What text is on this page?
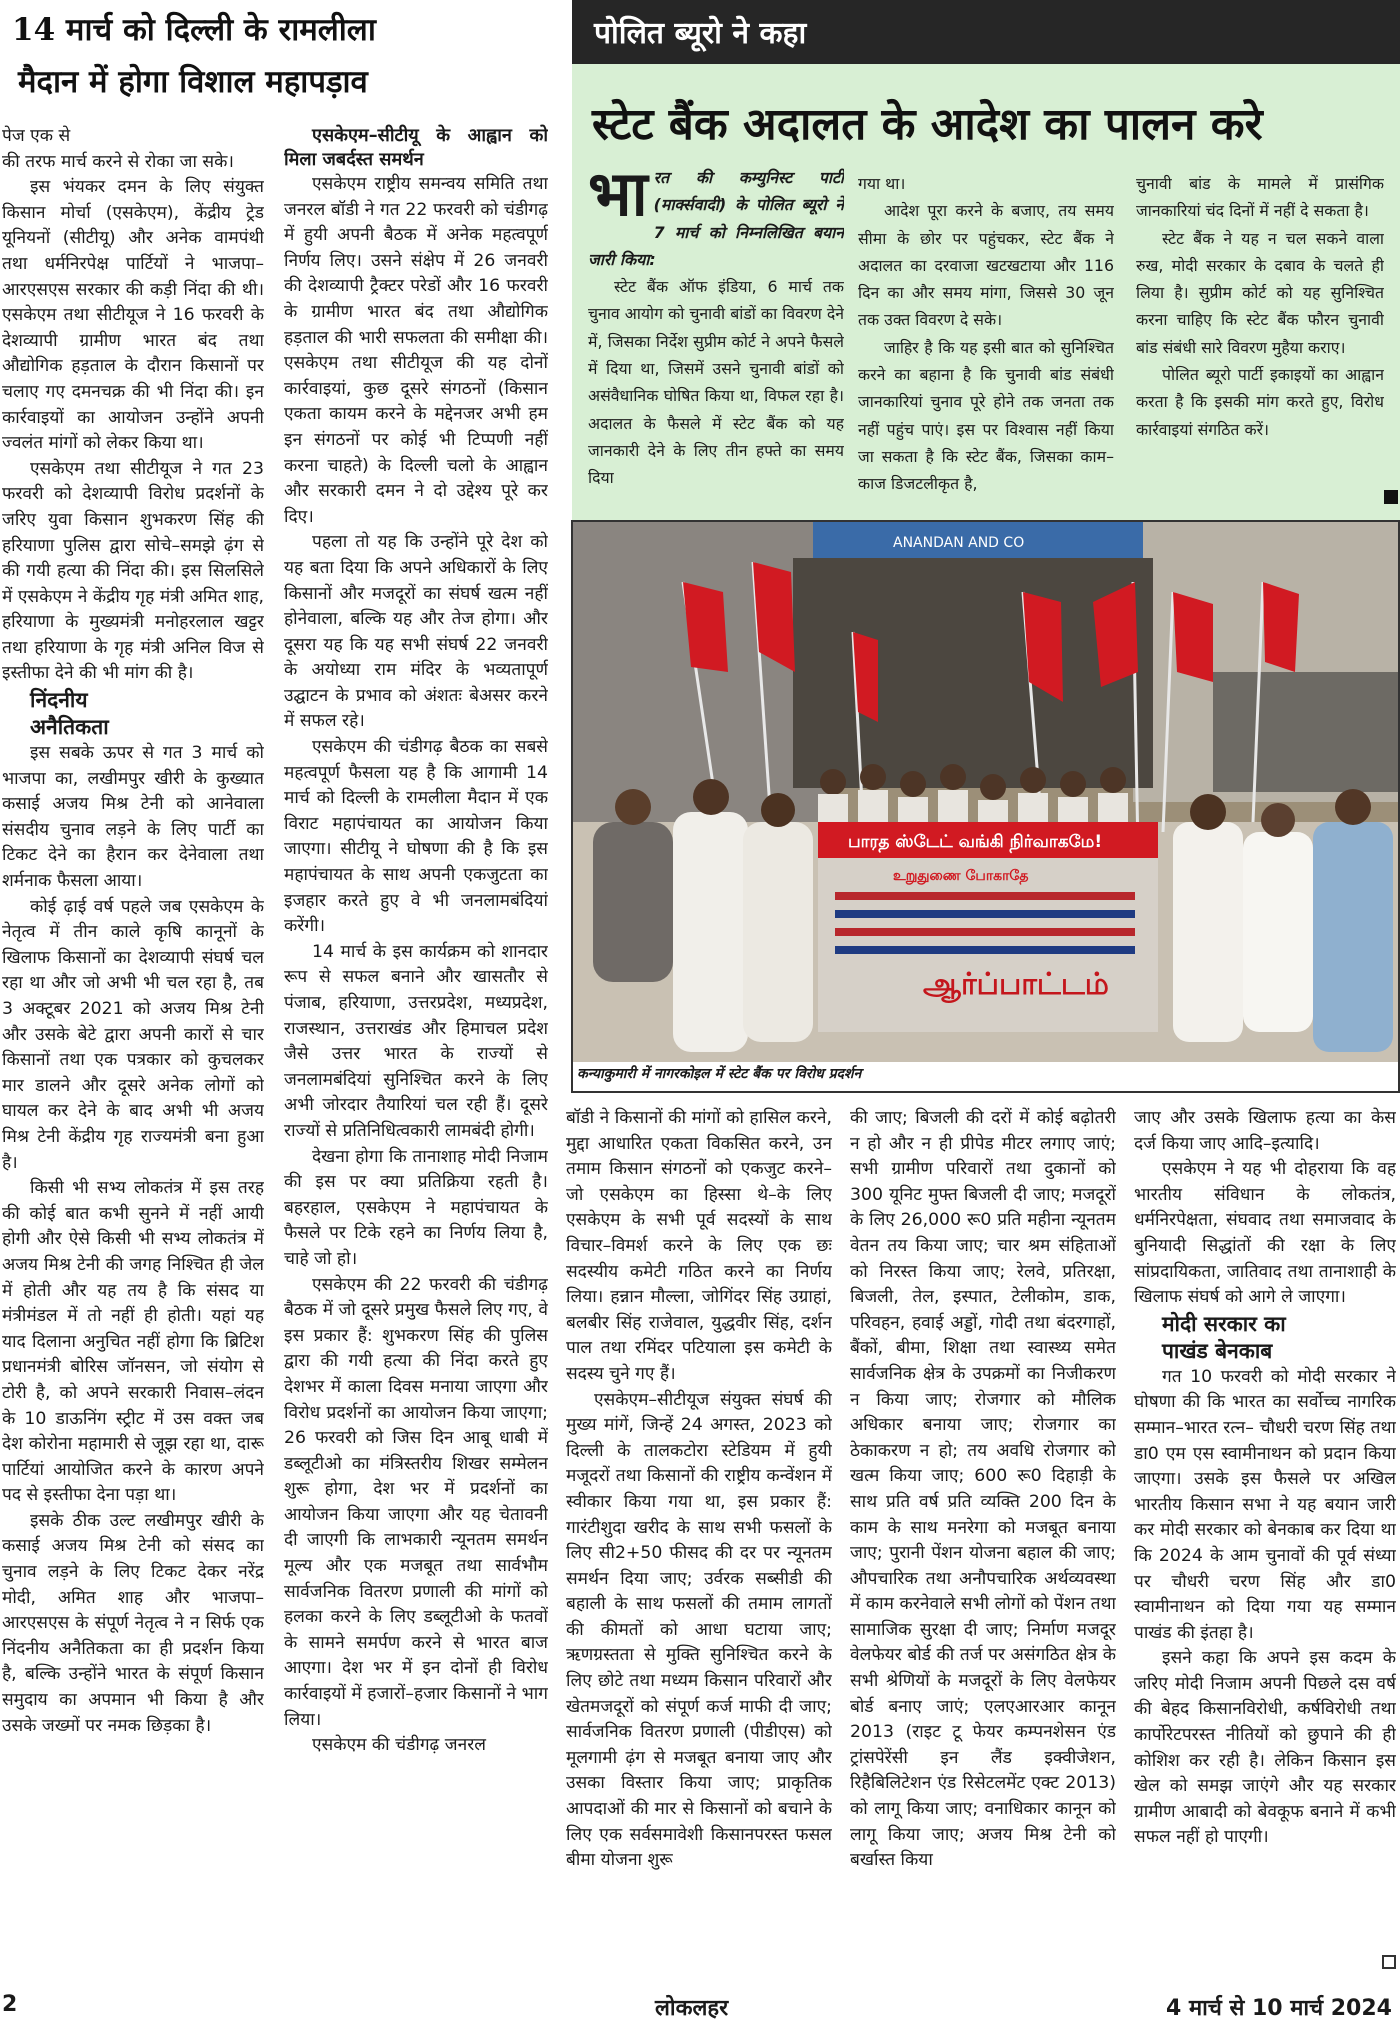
14 मार्च को दिल्ली के रामलीला
मैदान में होगा विशाल महापड़ाव

पेज एक से

की तरफ मार्च करने से रोका जा सके।

इस भंयकर दमन के लिए संयुक्त किसान मोर्चा (एसकेएम), केंद्रीय ट्रेड यूनियनों (सीटीयू) और अनेक वामपंथी तथा धर्मनिरपेक्ष पार्टियों ने भाजपा–आरएसएस सरकार की कड़ी निंदा की थी। एसकेएम तथा सीटीयूज ने 16 फरवरी के देशव्यापी ग्रामीण भारत बंद तथा औद्योगिक हड़ताल के दौरान किसानों पर चलाए गए दमनचक्र की भी निंदा की। इन कार्रवाइयों का आयोजन उन्होंने अपनी ज्वलंत मांगों को लेकर किया था।

एसकेएम तथा सीटीयूज ने गत 23 फरवरी को देशव्यापी विरोध प्रदर्शनों के जरिए युवा किसान शुभकरण सिंह की हरियाणा पुलिस द्वारा सोचे–समझे ढ़ंग से की गयी हत्या की निंदा की। इस सिलसिले में एसकेएम ने केंद्रीय गृह मंत्री अमित शाह, हरियाणा के मुख्यमंत्री मनोहरलाल खट्टर तथा हरियाणा के गृह मंत्री अनिल विज से इस्तीफा देने की भी मांग की है।

निंदनीय

अनैतिकता

इस सबके ऊपर से गत 3 मार्च को भाजपा का, लखीमपुर खीरी के कुख्यात कसाई अजय मिश्र टेनी को आनेवाला संसदीय चुनाव लड़ने के लिए पार्टी का टिकट देने का हैरान कर देनेवाला तथा शर्मनाक फैसला आया।

कोई ढ़ाई वर्ष पहले जब एसकेएम के नेतृत्व में तीन काले कृषि कानूनों के खिलाफ किसानों का देशव्यापी संघर्ष चल रहा था और जो अभी भी चल रहा है, तब 3 अक्टूबर 2021 को अजय मिश्र टेनी और उसके बेटे द्वारा अपनी कारों से चार किसानों तथा एक पत्रकार को कुचलकर मार डालने और दूसरे अनेक लोगों को घायल कर देने के बाद अभी भी अजय मिश्र टेनी केंद्रीय गृह राज्यमंत्री बना हुआ है।

किसी भी सभ्य लोकतंत्र में इस तरह की कोई बात कभी सुनने में नहीं आयी होगी और ऐसे किसी भी सभ्य लोकतंत्र में अजय मिश्र टेनी की जगह निश्चित ही जेल में होती और यह तय है कि संसद या मंत्रीमंडल में तो नहीं ही होती। यहां यह याद दिलाना अनुचित नहीं होगा कि ब्रिटिश प्रधानमंत्री बोरिस जॉनसन, जो संयोग से टोरी है, को अपने सरकारी निवास–लंदन के 10 डाऊनिंग स्ट्रीट में उस वक्त जब देश कोरोना महामारी से जूझ रहा था, दारू पार्टियां आयोजित करने के कारण अपने पद से इस्तीफा देना पड़ा था।

इसके ठीक उल्ट लखीमपुर खीरी के कसाई अजय मिश्र टेनी को संसद का चुनाव लड़ने के लिए टिकट देकर नरेंद्र मोदी, अमित शाह और भाजपा–आरएसएस के संपूर्ण नेतृत्व ने न सिर्फ एक निंदनीय अनैतिकता का ही प्रदर्शन किया है, बल्कि उन्होंने भारत के संपूर्ण किसान समुदाय का अपमान भी किया है और उसके जख्मों पर नमक छिड़का है।

एसकेएम–सीटीयू के आह्वान को मिला जबर्दस्त समर्थन

एसकेएम राष्ट्रीय समन्वय समिति तथा जनरल बॉडी ने गत 22 फरवरी को चंडीगढ़ में हुयी अपनी बैठक में अनेक महत्वपूर्ण निर्णय लिए। उसने संक्षेप में 26 जनवरी की देशव्यापी ट्रैक्टर परेडों और 16 फरवरी के ग्रामीण भारत बंद तथा औद्योगिक हड़ताल की भारी सफलता की समीक्षा की। एसकेएम तथा सीटीयूज की यह दोनों कार्रवाइयां, कुछ दूसरे संगठनों (किसान एकता कायम करने के मद्देनजर अभी हम इन संगठनों पर कोई भी टिप्पणी नहीं करना चाहते) के दिल्ली चलो के आह्वान और सरकारी दमन ने दो उद्देश्य पूरे कर दिए।

पहला तो यह कि उन्होंने पूरे देश को यह बता दिया कि अपने अधिकारों के लिए किसानों और मजदूरों का संघर्ष खत्म नहीं होनेवाला, बल्कि यह और तेज होगा। और दूसरा यह कि यह सभी संघर्ष 22 जनवरी के अयोध्या राम मंदिर के भव्यतापूर्ण उद्घाटन के प्रभाव को अंशतः बेअसर करने में सफल रहे।

एसकेएम की चंडीगढ़ बैठक का सबसे महत्वपूर्ण फैसला यह है कि आगामी 14 मार्च को दिल्ली के रामलीला मैदान में एक विराट महापंचायत का आयोजन किया जाएगा। सीटीयू ने घोषणा की है कि इस महापंचायत के साथ अपनी एकजुटता का इजहार करते हुए वे भी जनलामबंदियां करेंगी।

14 मार्च के इस कार्यक्रम को शानदार रूप से सफल बनाने और खासतौर से पंजाब, हरियाणा, उत्तरप्रदेश, मध्यप्रदेश, राजस्थान, उत्तराखंड और हिमाचल प्रदेश जैसे उत्तर भारत के राज्यों से जनलामबंदियां सुनिश्चित करने के लिए अभी जोरदार तैयारियां चल रही हैं। दूसरे राज्यों से प्रतिनिधित्वकारी लामबंदी होगी।

देखना होगा कि तानाशाह मोदी निजाम की इस पर क्या प्रतिक्रिया रहती है। बहरहाल, एसकेएम ने महापंचायत के फैसले पर टिके रहने का निर्णय लिया है, चाहे जो हो।

एसकेएम की 22 फरवरी की चंडीगढ़ बैठक में जो दूसरे प्रमुख फैसले लिए गए, वे इस प्रकार हैं: शुभकरण सिंह की पुलिस द्वारा की गयी हत्या की निंदा करते हुए देशभर में काला दिवस मनाया जाएगा और विरोध प्रदर्शनों का आयोजन किया जाएगा; 26 फरवरी को जिस दिन आबू धाबी में डब्लूटीओ का मंत्रिस्तरीय शिखर सम्मेलन शुरू होगा, देश भर में प्रदर्शनों का आयोजन किया जाएगा और यह चेतावनी दी जाएगी कि लाभकारी न्यूनतम समर्थन मूल्य और एक मजबूत तथा सार्वभौम सार्वजनिक वितरण प्रणाली की मांगों को हलका करने के लिए डब्लूटीओ के फतवों के सामने समर्पण करने से भारत बाज आएगा। देश भर में इन दोनों ही विरोध कार्रवाइयों में हजारों–हजार किसानों ने भाग लिया।

एसकेएम की चंडीगढ़ जनरल

बॉडी ने किसानों की मांगों को हासिल करने, मुद्दा आधारित एकता विकसित करने, उन तमाम किसान संगठनों को एकजुट करने–जो एसकेएम का हिस्सा थे–के लिए एसकेएम के सभी पूर्व सदस्यों के साथ विचार–विमर्श करने के लिए एक छः सदस्यीय कमेटी गठित करने का निर्णय लिया। हन्नान मौल्ला, जोगिंदर सिंह उग्राहां, बलबीर सिंह राजेवाल, युद्धवीर सिंह, दर्शन पाल तथा रमिंदर पटियाला इस कमेटी के सदस्य चुने गए हैं।

एसकेएम–सीटीयूज संयुक्त संघर्ष की मुख्य मांगें, जिन्हें 24 अगस्त, 2023 को दिल्ली के तालकटोरा स्टेडियम में हुयी मजूदरों तथा किसानों की राष्ट्रीय कन्वेंशन में स्वीकार किया गया था, इस प्रकार हैं: गारंटीशुदा खरीद के साथ सभी फसलों के लिए सी2+50 फीसद की दर पर न्यूनतम समर्थन दिया जाए; उर्वरक सब्सीडी की बहाली के साथ फसलों की तमाम लागतों की कीमतों को आधा घटाया जाए; ऋणग्रस्तता से मुक्ति सुनिश्चित करने के लिए छोटे तथा मध्यम किसान परिवारों और खेतमजदूरों को संपूर्ण कर्ज माफी दी जाए; सार्वजनिक वितरण प्रणाली (पीडीएस) को मूलगामी ढ़ंग से मजबूत बनाया जाए और उसका विस्तार किया जाए; प्राकृतिक आपदाओं की मार से किसानों को बचाने के लिए एक सर्वसमावेशी किसानपरस्त फसल बीमा योजना शुरू

की जाए; बिजली की दरों में कोई बढ़ोतरी न हो और न ही प्रीपेड मीटर लगाए जाएं; सभी ग्रामीण परिवारों तथा दुकानों को 300 यूनिट मुफ्त बिजली दी जाए; मजदूरों के लिए 26,000 रू0 प्रति महीना न्यूनतम वेतन तय किया जाए; चार श्रम संहिताओं को निरस्त किया जाए; रेलवे, प्रतिरक्षा, बिजली, तेल, इस्पात, टेलीकोम, डाक, परिवहन, हवाई अड्डों, गोदी तथा बंदरगाहों, बैंकों, बीमा, शिक्षा तथा स्वास्थ्य समेत सार्वजनिक क्षेत्र के उपक्रमों का निजीकरण न किया जाए; रोजगार को मौलिक अधिकार बनाया जाए; रोजगार का ठेकाकरण न हो; तय अवधि रोजगार को खत्म किया जाए; 600 रू0 दिहाड़ी के साथ प्रति वर्ष प्रति व्यक्ति 200 दिन के काम के साथ मनरेगा को मजबूत बनाया जाए; पुरानी पेंशन योजना बहाल की जाए; औपचारिक तथा अनौपचारिक अर्थव्यवस्था में काम करनेवाले सभी लोगों को पेंशन तथा सामाजिक सुरक्षा दी जाए; निर्माण मजदूर वेलफेयर बोर्ड की तर्ज पर असंगठित क्षेत्र के सभी श्रेणियों के मजदूरों के लिए वेलफेयर बोर्ड बनाए जाएं; एलएआरआर कानून 2013 (राइट टू फेयर कम्पनशेसन एंड ट्रांसपेरेंसी इन लैंड इक्वीजेशन, रिहैबिलिटेशन एंड रिसेटलमेंट एक्ट 2013) को लागू किया जाए; वनाधिकार कानून को लागू किया जाए; अजय मिश्र टेनी को बर्खास्त किया

जाए और उसके खिलाफ हत्या का केस दर्ज किया जाए आदि–इत्यादि।

एसकेएम ने यह भी दोहराया कि वह भारतीय संविधान के लोकतंत्र, धर्मनिरपेक्षता, संघवाद तथा समाजवाद के बुनियादी सिद्धांतों की रक्षा के लिए सांप्रदायिकता, जातिवाद तथा तानाशाही के खिलाफ संघर्ष को आगे ले जाएगा।

मोदी सरकार का

पाखंड बेनकाब

गत 10 फरवरी को मोदी सरकार ने घोषणा की कि भारत का सर्वोच्च नागरिक सम्मान–भारत रत्न– चौधरी चरण सिंह तथा डा0 एम एस स्वामीनाथन को प्रदान किया जाएगा। उसके इस फैसले पर अखिल भारतीय किसान सभा ने यह बयान जारी कर मोदी सरकार को बेनकाब कर दिया था कि 2024 के आम चुनावों की पूर्व संध्या पर चौधरी चरण सिंह और डा0 स्वामीनाथन को दिया गया यह सम्मान पाखंड की इंतहा है।

इसने कहा कि अपने इस कदम के जरिए मोदी निजाम अपनी पिछले दस वर्ष की बेहद किसानविरोधी, कर्षविरोधी तथा कार्पोरेटपरस्त नीतियों को छुपाने की ही कोशिश कर रही है। लेकिन किसान इस खेल को समझ जाएंगे और यह सरकार ग्रामीण आबादी को बेवकूफ बनाने में कभी सफल नहीं हो पाएगी।

पोलित ब्यूरो ने कहा
स्टेट बैंक अदालत के आदेश का पालन करे

भारत की कम्युनिस्ट पार्टी (मार्क्सवादी) के पोलित ब्यूरो ने 7 मार्च को निम्नलिखित बयान जारी किया:

स्टेट बैंक ऑफ इंडिया, 6 मार्च तक चुनाव आयोग को चुनावी बांडों का विवरण देने में, जिसका निर्देश सुप्रीम कोर्ट ने अपने फैसले में दिया था, जिसमें उसने चुनावी बांडों को असंवैधानिक घोषित किया था, विफल रहा है। अदालत के फैसले में स्टेट बैंक को यह जानकारी देने के लिए तीन हफ्ते का समय दिया

गया था।

आदेश पूरा करने के बजाए, तय समय सीमा के छोर पर पहुंचकर, स्टेट बैंक ने अदालत का दरवाजा खटखटाया और 116 दिन का और समय मांगा, जिससे 30 जून तक उक्त विवरण दे सके।

जाहिर है कि यह इसी बात को सुनिश्चित करने का बहाना है कि चुनावी बांड संबंधी जानकारियां चुनाव पूरे होने तक जनता तक नहीं पहुंच पाएं। इस पर विश्वास नहीं किया जा सकता है कि स्टेट बैंक, जिसका काम–काज डिजटलीकृत है,

चुनावी बांड के मामले में प्रासंगिक जानकारियां चंद दिनों में नहीं दे सकता है।

स्टेट बैंक ने यह न चल सकने वाला रुख, मोदी सरकार के दबाव के चलते ही लिया है। सुप्रीम कोर्ट को यह सुनिश्चित करना चाहिए कि स्टेट बैंक फौरन चुनावी बांड संबंधी सारे विवरण मुहैया कराए।

पोलित ब्यूरो पार्टी इकाइयों का आह्वान करता है कि इसकी मांग करते हुए, विरोध कार्रवाइयां संगठित करें।

ANANDAN AND CO
பாரத ஸ்டேட் வங்கி நிர்வாகமே!
உறுதுணை போகாதே
ஆர்ப்பாட்டம்
कन्याकुमारी में नागरकोइल में स्टेट बैंक पर विरोध प्रदर्शन
2	लोकलहर	4 मार्च से 10 मार्च 2024
